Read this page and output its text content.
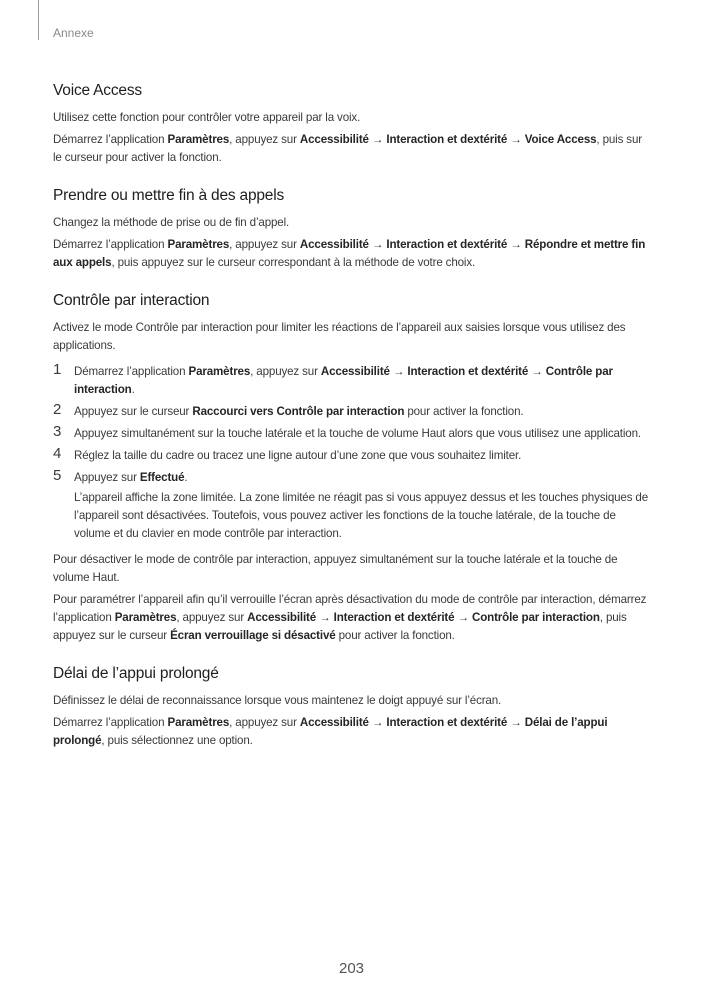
Annexe
Voice Access

Utilisez cette fonction pour contrôler votre appareil par la voix.

Démarrez l’application Paramètres, appuyez sur Accessibilité → Interaction et dextérité → Voice Access, puis sur le curseur pour activer la fonction.

Prendre ou mettre fin à des appels

Changez la méthode de prise ou de fin d’appel.

Démarrez l’application Paramètres, appuyez sur Accessibilité → Interaction et dextérité → Répondre et mettre fin aux appels, puis appuyez sur le curseur correspondant à la méthode de votre choix.

Contrôle par interaction

Activez le mode Contrôle par interaction pour limiter les réactions de l’appareil aux saisies lorsque vous utilisez des applications.

1 Démarrez l’application Paramètres, appuyez sur Accessibilité → Interaction et dextérité → Contrôle par interaction.
2 Appuyez sur le curseur Raccourci vers Contrôle par interaction pour activer la fonction.
3 Appuyez simultanément sur la touche latérale et la touche de volume Haut alors que vous utilisez une application.
4 Réglez la taille du cadre ou tracez une ligne autour d’une zone que vous souhaitez limiter.
5 Appuyez sur Effectué.
L’appareil affiche la zone limitée. La zone limitée ne réagit pas si vous appuyez dessus et les touches physiques de l’appareil sont désactivées. Toutefois, vous pouvez activer les fonctions de la touche latérale, de la touche de volume et du clavier en mode contrôle par interaction.

Pour désactiver le mode de contrôle par interaction, appuyez simultanément sur la touche latérale et la touche de volume Haut.

Pour paramétrer l’appareil afin qu’il verrouille l’écran après désactivation du mode de contrôle par interaction, démarrez l’application Paramètres, appuyez sur Accessibilité → Interaction et dextérité → Contrôle par interaction, puis appuyez sur le curseur Écran verrouillage si désactivé pour activer la fonction.

Délai de l’appui prolongé

Définissez le délai de reconnaissance lorsque vous maintenez le doigt appuyé sur l’écran.

Démarrez l’application Paramètres, appuyez sur Accessibilité → Interaction et dextérité → Délai de l’appui prolongé, puis sélectionnez une option.

203
